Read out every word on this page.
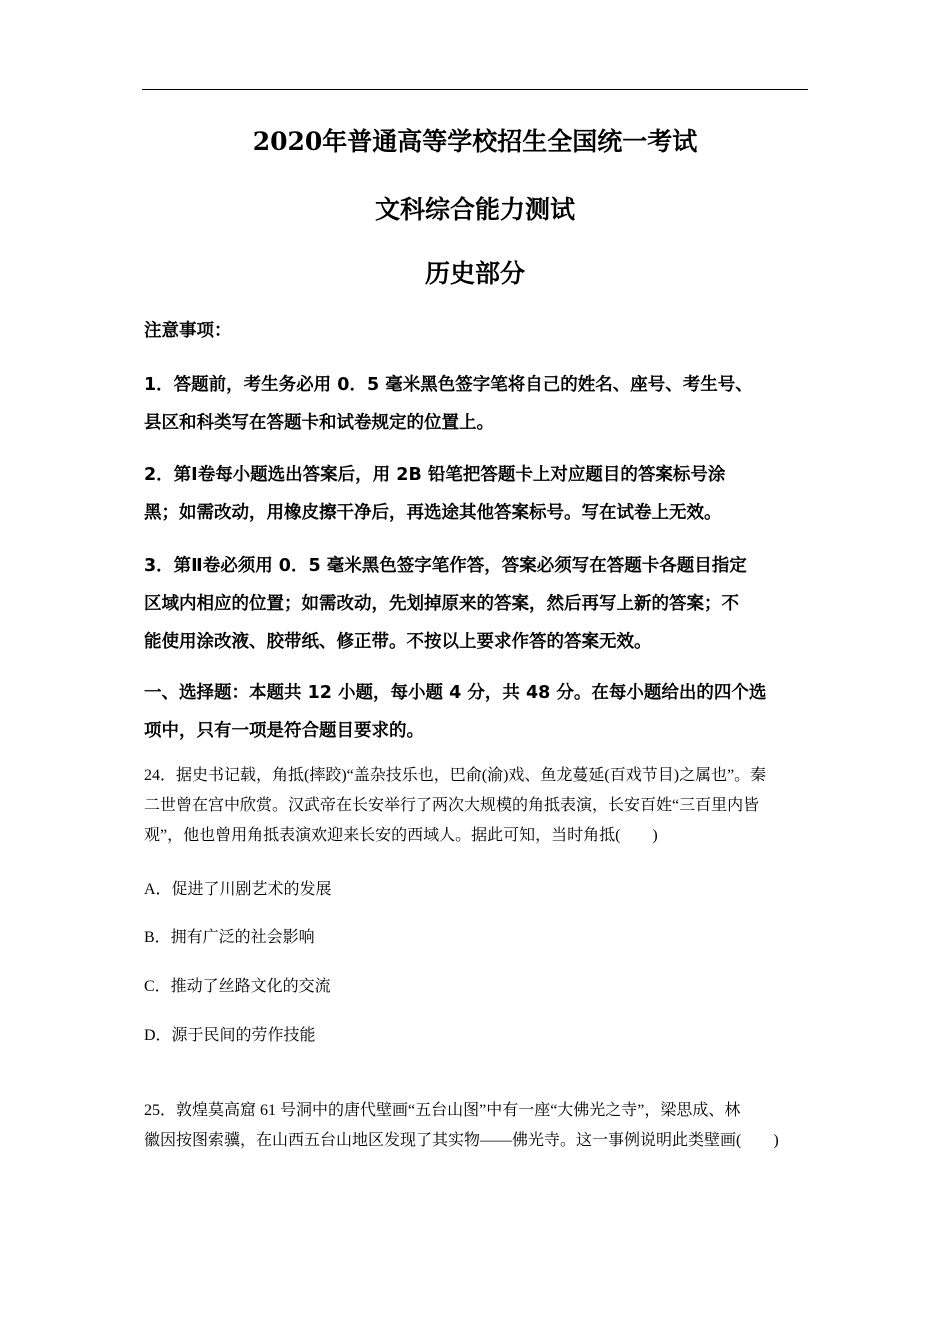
2020年普通高等学校招生全国统一考试
文科综合能力测试
历史部分
注意事项：
1．答题前，考生务必用 0．5 毫米黑色签字笔将自己的姓名、座号、考生号、
县区和科类写在答题卡和试卷规定的位置上。
2．第Ⅰ卷每小题选出答案后，用 2B 铅笔把答题卡上对应题目的答案标号涂
黑；如需改动，用橡皮擦干净后，再选途其他答案标号。写在试卷上无效。
3．第Ⅱ卷必须用 0．5 毫米黑色签字笔作答，答案必须写在答题卡各题目指定
区域内相应的位置；如需改动，先划掉原来的答案，然后再写上新的答案；不
能使用涂改液、胶带纸、修正带。不按以上要求作答的答案无效。
一、选择题：本题共 12 小题，每小题 4 分，共 48 分。在每小题给出的四个选
项中，只有一项是符合题目要求的。
24．据史书记载，角抵(摔跤)“盖杂技乐也，巴俞(渝)戏、鱼龙蔓延(百戏节目)之属也”。秦
二世曾在宫中欣赏。汉武帝在长安举行了两次大规模的角抵表演，长安百姓“三百里内皆
观”，他也曾用角抵表演欢迎来长安的西域人。据此可知，当时角抵(　　)
A．促进了川剧艺术的发展
B．拥有广泛的社会影响
C．推动了丝路文化的交流
D．源于民间的劳作技能
25．敦煌莫高窟 61 号洞中的唐代壁画“五台山图”中有一座“大佛光之寺”，梁思成、林
徽因按图索骥，在山西五台山地区发现了其实物——佛光寺。这一事例说明此类壁画(　　)
